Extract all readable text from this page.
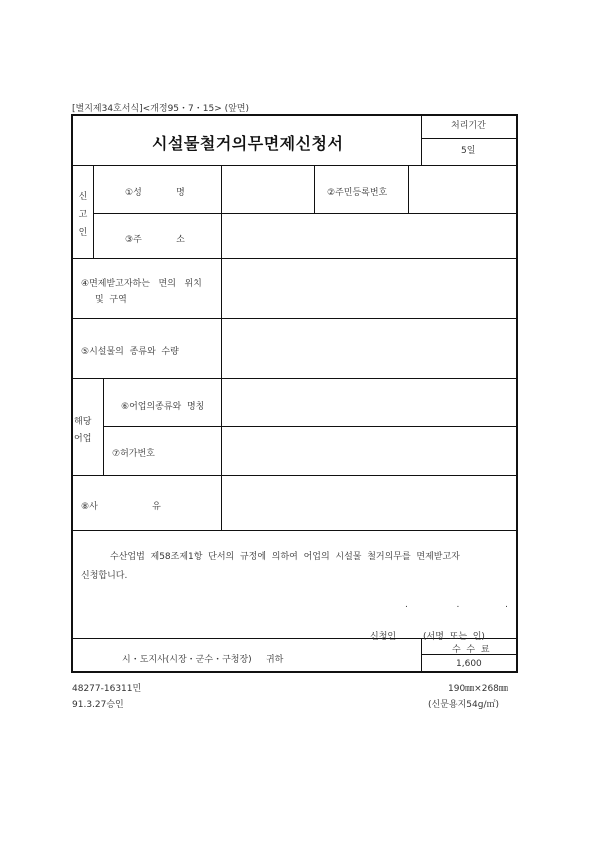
[별지제34호서식]<개정95・7・15> (앞면)
시설물철거의무면제신청서
처리기간
5일
신
고
인
①성            명	②주민등록번호
③주            소
④면제받고자하는   면의   위치
및  구역
⑤시설물의  종류와  수량
해당
어업
⑥어업의종류와  명칭
⑦허가번호
⑧사                   유
수산업법  제58조제1항  단서의  규정에  의하여  어업의  시설물  철거의무를  면제받고자
신청합니다.
.                 .                .
신청인	(서명  또는  인)
시・도지사(시장・군수・구청장)     귀하
수  수  료
1,600
48277-16311민
91.3.27승인
190㎜×268㎜
(신문용지54g/㎡)
